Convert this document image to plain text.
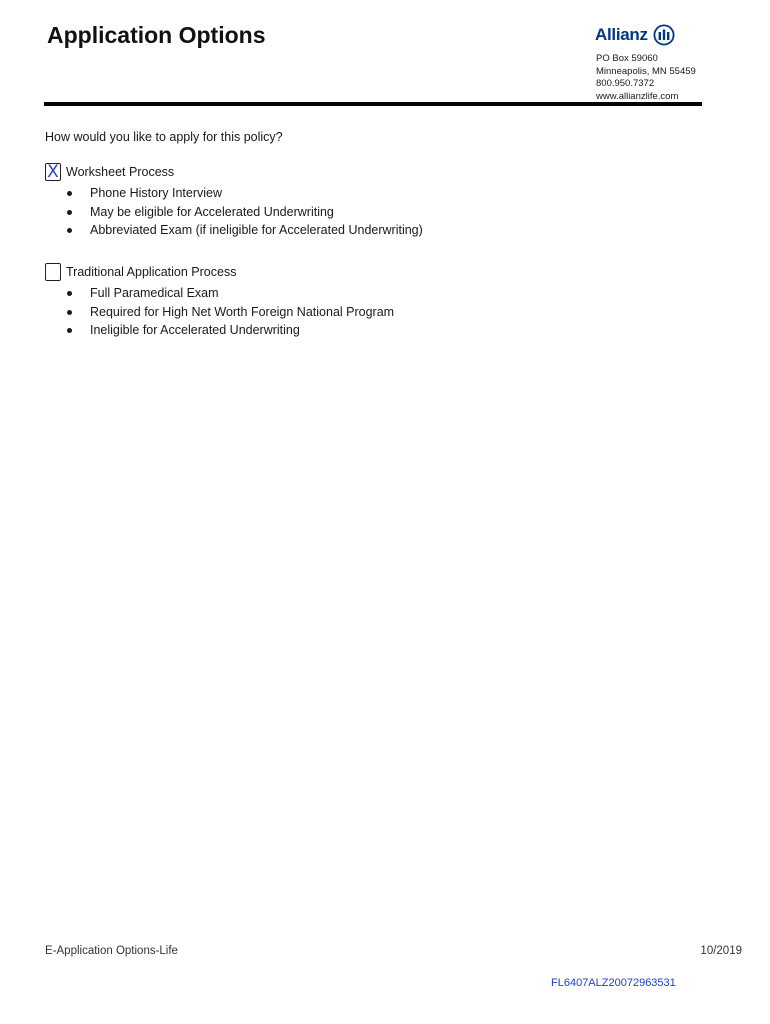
Application Options	Allianz
PO Box 59060
Minneapolis, MN 55459
800.950.7372
www.allianzlife.com
How would you like to apply for this policy?
X Worksheet Process
Phone History Interview
May be eligible for Accelerated Underwriting
Abbreviated Exam (if ineligible for Accelerated Underwriting)
Traditional Application Process
Full Paramedical Exam
Required for High Net Worth Foreign National Program
Ineligible for Accelerated Underwriting
E-Application Options-Life	10/2019
FL6407ALZ20072963531
